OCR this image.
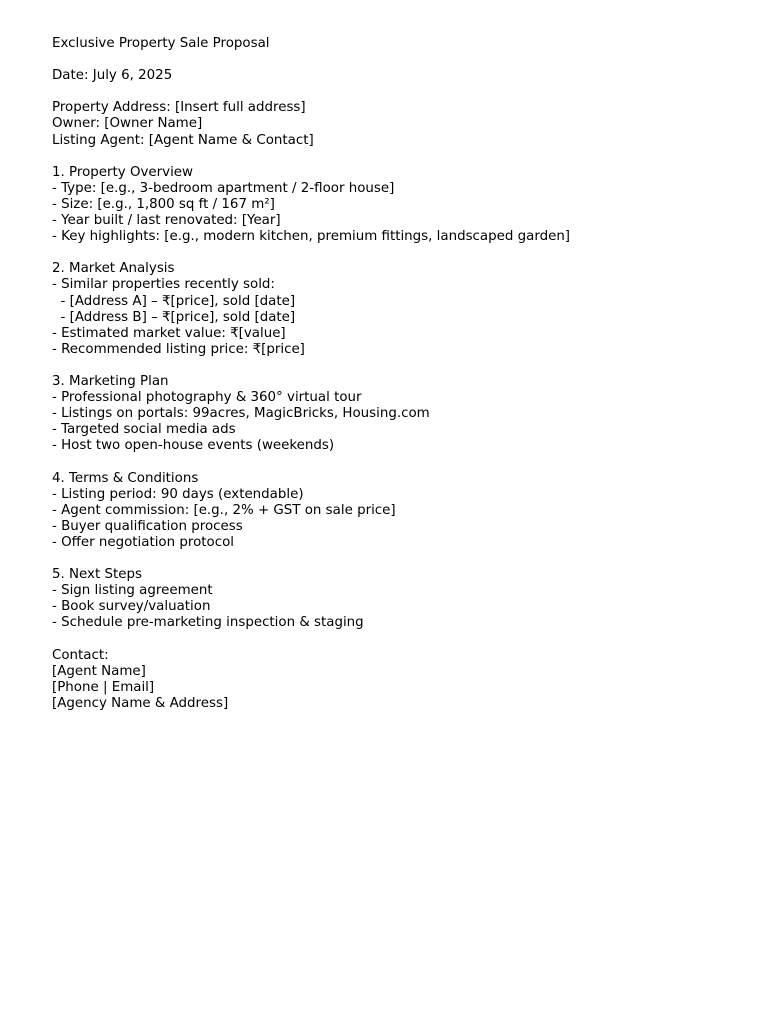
Exclusive Property Sale Proposal
Date: July 6, 2025
Property Address: [Insert full address]
Owner: [Owner Name]
Listing Agent: [Agent Name & Contact]
1. Property Overview
- Type: [e.g., 3-bedroom apartment / 2-floor house]
- Size: [e.g., 1,800 sq ft / 167 m²]
- Year built / last renovated: [Year]
- Key highlights: [e.g., modern kitchen, premium fittings, landscaped garden]
2. Market Analysis
- Similar properties recently sold:
- [Address A] – ₹[price], sold [date]
- [Address B] – ₹[price], sold [date]
- Estimated market value: ₹[value]
- Recommended listing price: ₹[price]
3. Marketing Plan
- Professional photography & 360° virtual tour
- Listings on portals: 99acres, MagicBricks, Housing.com
- Targeted social media ads
- Host two open-house events (weekends)
4. Terms & Conditions
- Listing period: 90 days (extendable)
- Agent commission: [e.g., 2% + GST on sale price]
- Buyer qualification process
- Offer negotiation protocol
5. Next Steps
- Sign listing agreement
- Book survey/valuation
- Schedule pre-marketing inspection & staging
Contact:
[Agent Name]
[Phone | Email]
[Agency Name & Address]
